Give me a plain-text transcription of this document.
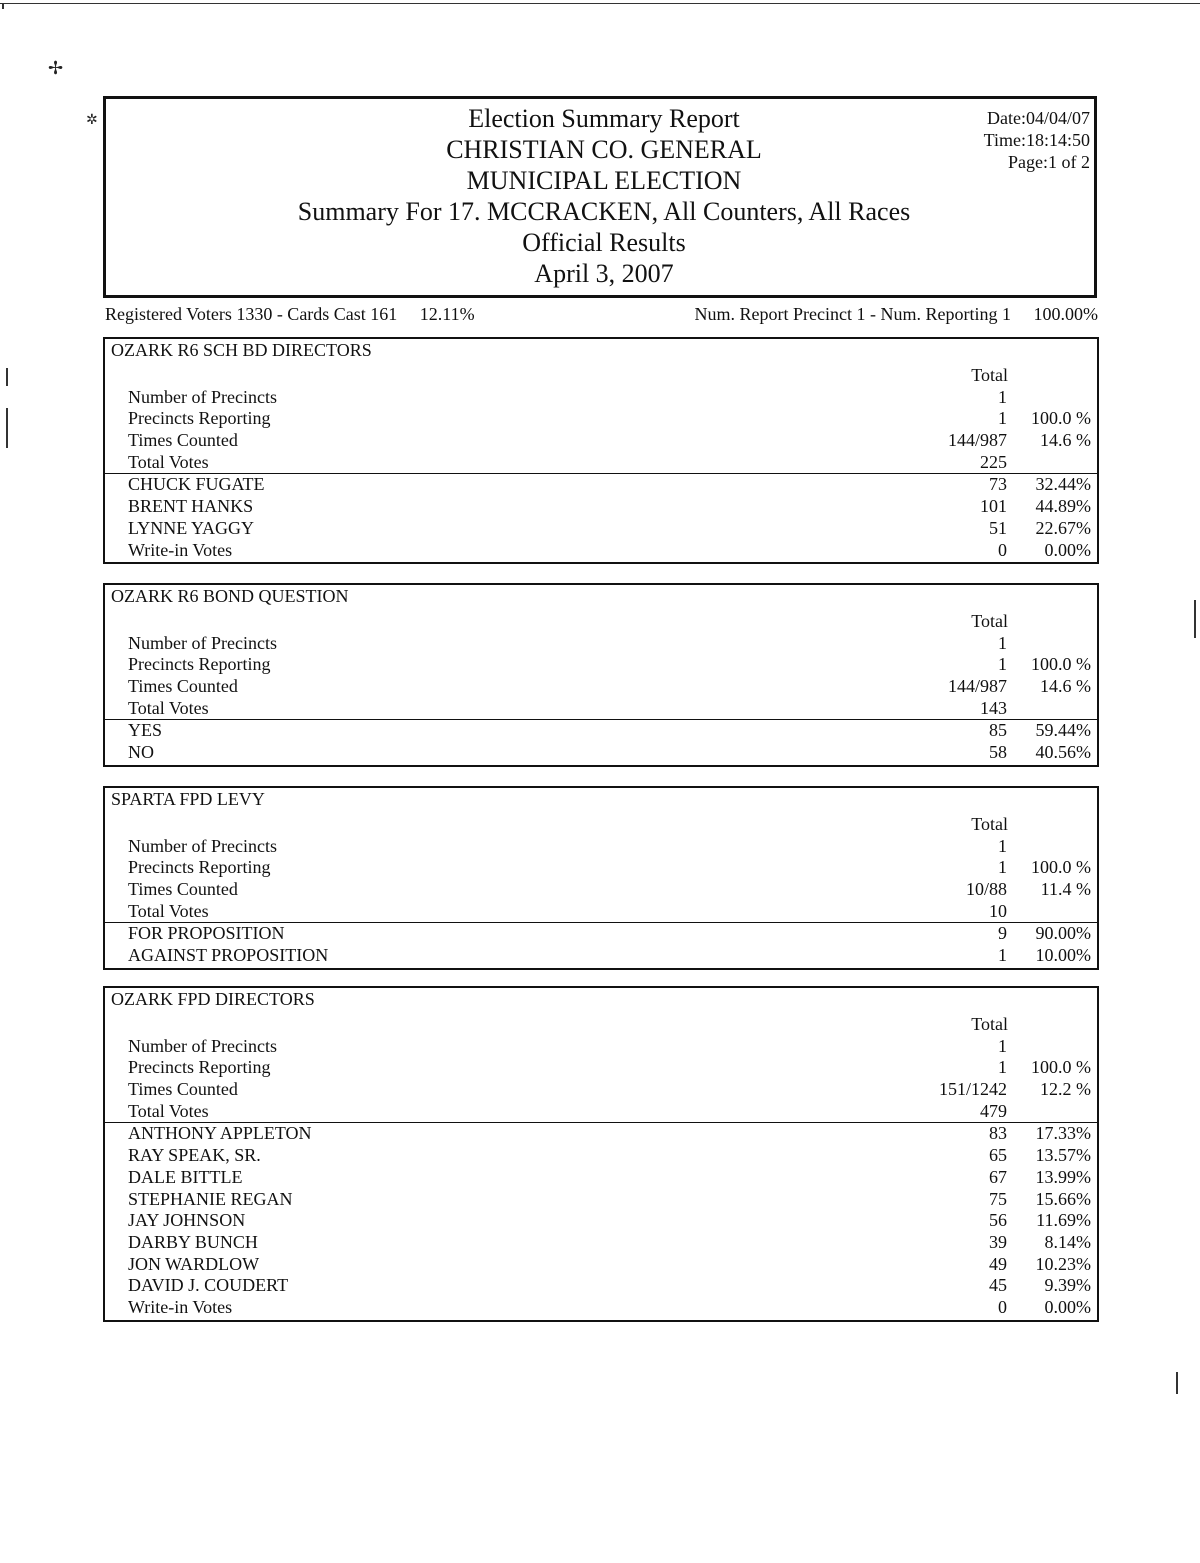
✢
✲	Election Summary Report
CHRISTIAN CO. GENERAL
MUNICIPAL ELECTION
Summary For 17. MCCRACKEN, All Counters, All Races
Official Results
April 3, 2007
Date:04/04/07
Time:18:14:50
Page:1 of 2
Registered Voters 1330 - Cards Cast 161     12.11%	Num. Report Precinct 1 - Num. Reporting 1     100.00%
OZARK R6 SCH BD DIRECTORS
Total
Number of Precincts	1
Precincts Reporting	1 100.0 %
Times Counted	144/987 14.6 %
Total Votes	225
CHUCK FUGATE	73 32.44%
BRENT HANKS	101 44.89%
LYNNE YAGGY	51 22.67%
Write-in Votes	0 0.00%
OZARK R6 BOND QUESTION
Total
Number of Precincts	1
Precincts Reporting	1 100.0 %
Times Counted	144/987 14.6 %
Total Votes	143
YES	85 59.44%
NO	58 40.56%
SPARTA FPD LEVY
Total
Number of Precincts	1
Precincts Reporting	1 100.0 %
Times Counted	10/88 11.4 %
Total Votes	10
FOR PROPOSITION	9 90.00%
AGAINST PROPOSITION	1 10.00%
OZARK FPD DIRECTORS
Total
Number of Precincts	1
Precincts Reporting	1 100.0 %
Times Counted	151/1242 12.2 %
Total Votes	479
ANTHONY APPLETON	83 17.33%
RAY SPEAK, SR.	65 13.57%
DALE BITTLE	67 13.99%
STEPHANIE REGAN	75 15.66%
JAY JOHNSON	56 11.69%
DARBY BUNCH	39 8.14%
JON WARDLOW	49 10.23%
DAVID J. COUDERT	45 9.39%
Write-in Votes	0 0.00%
